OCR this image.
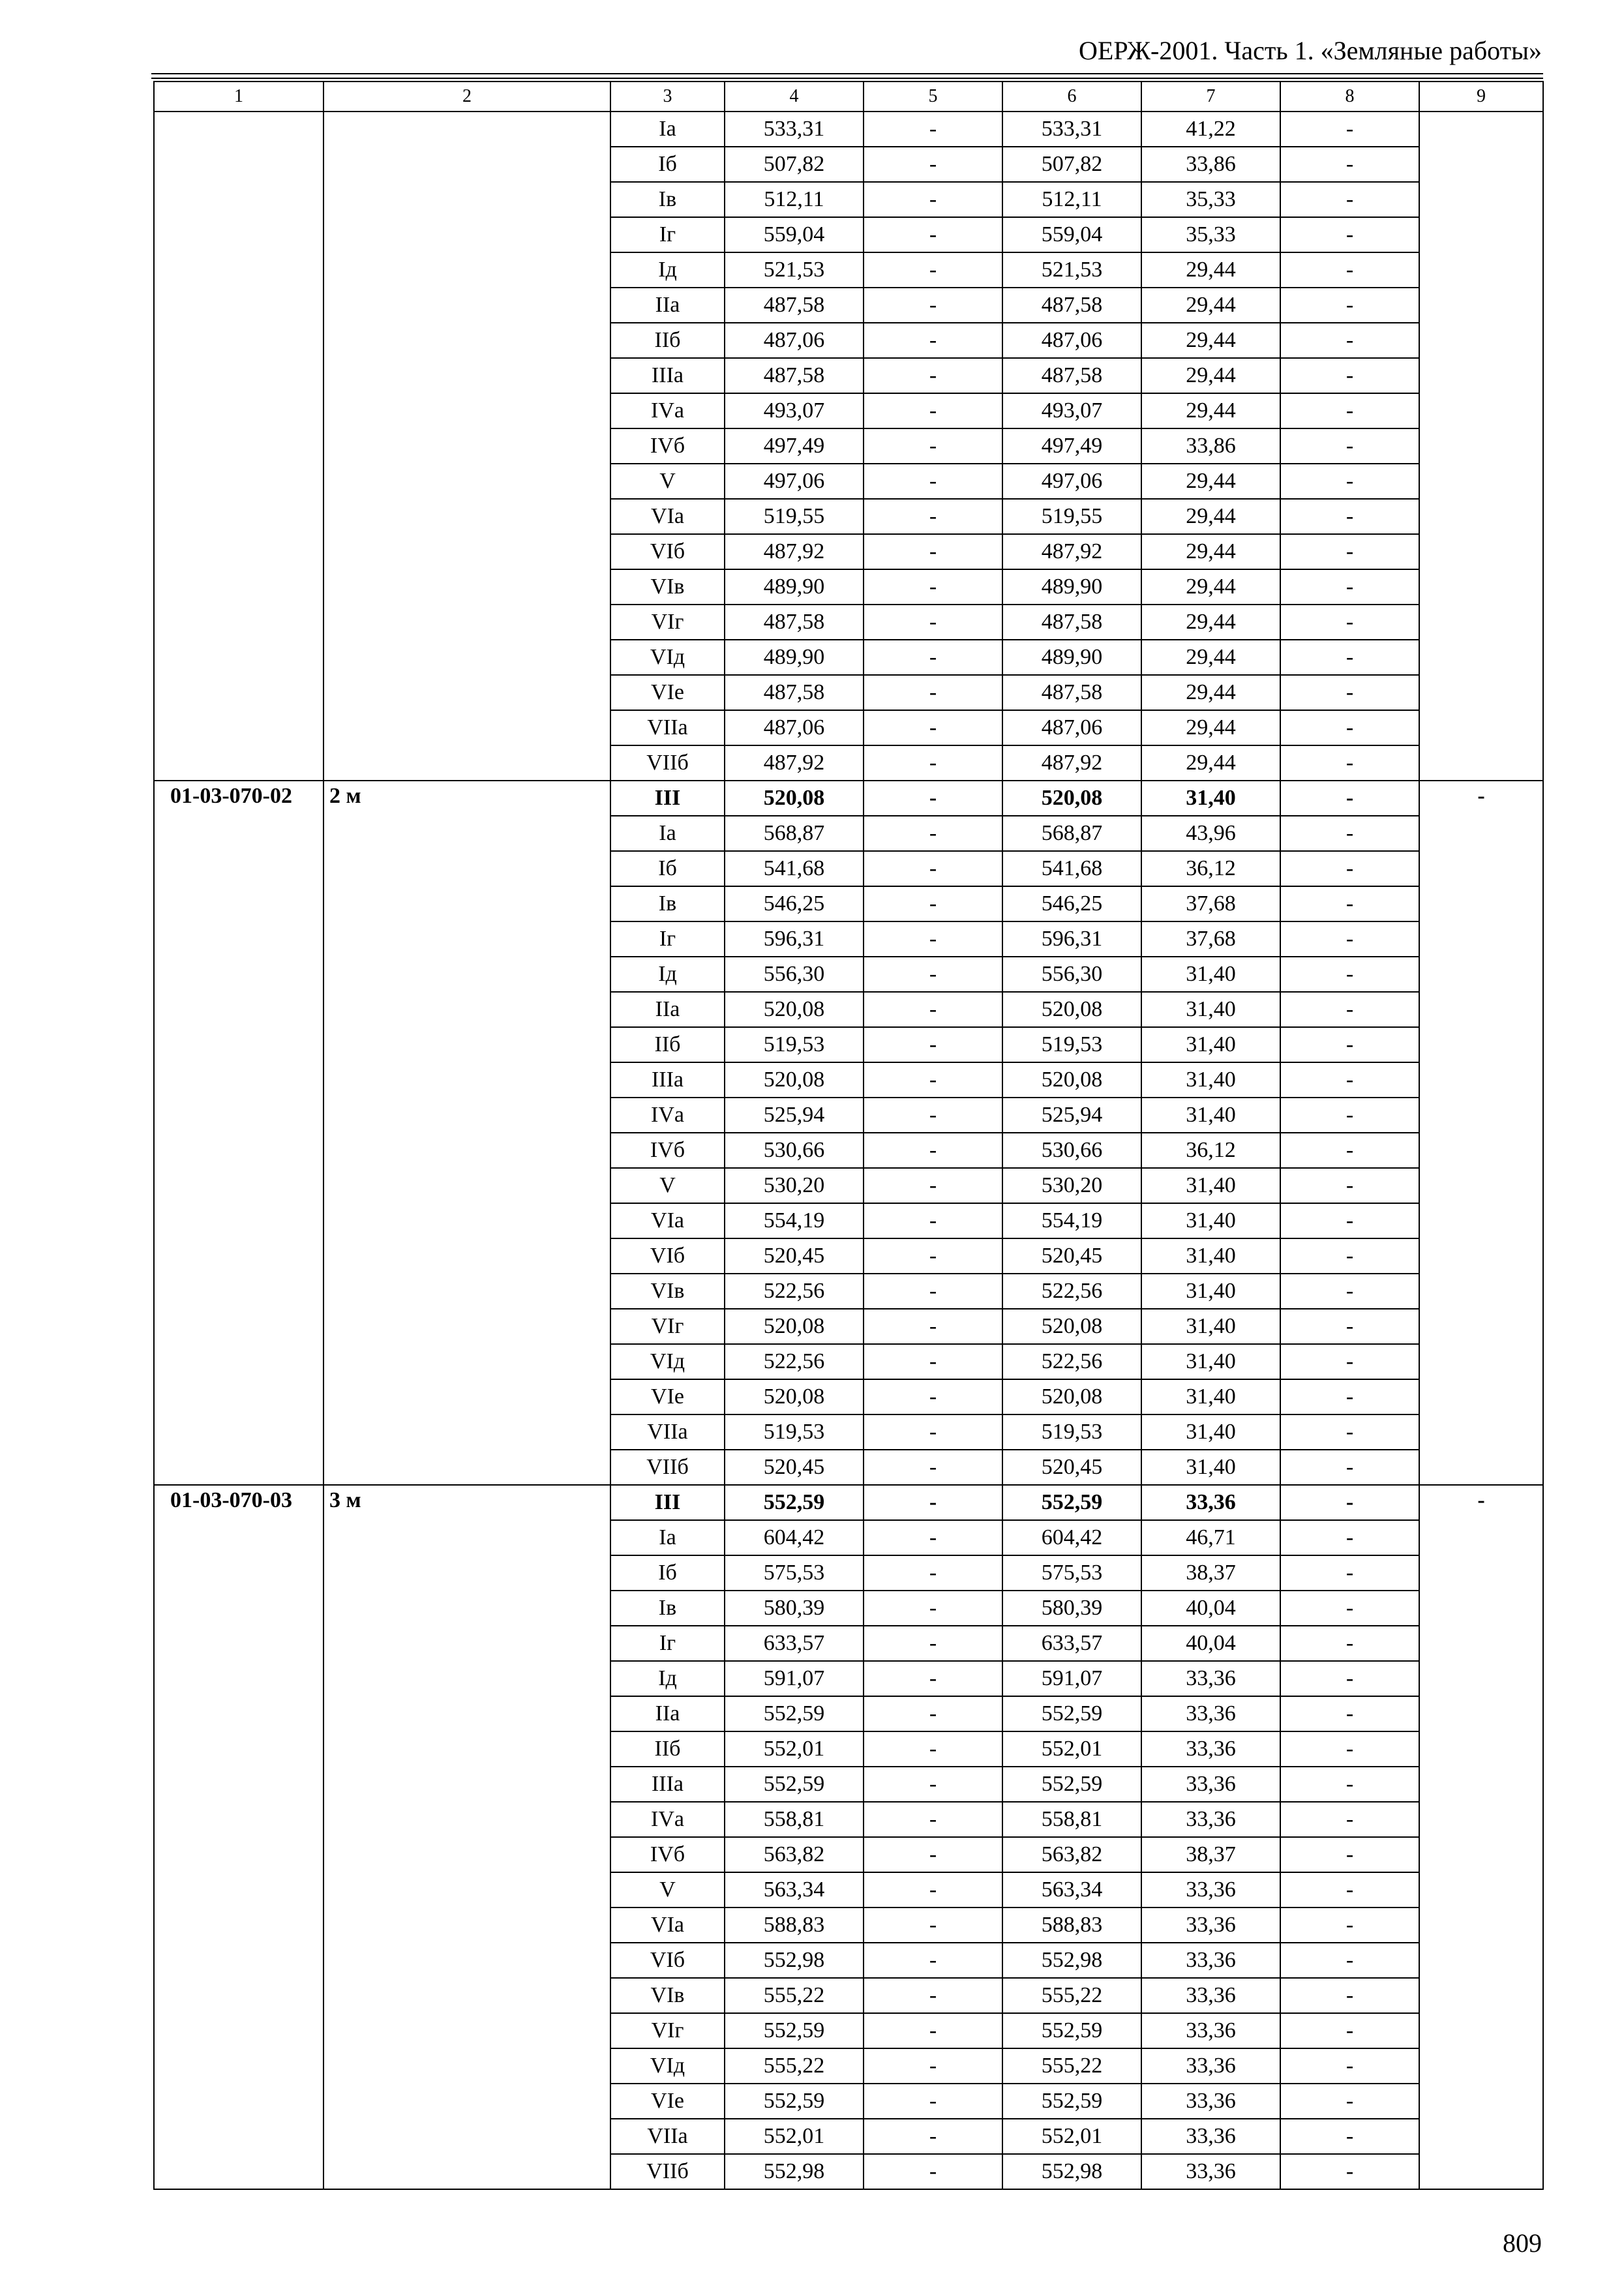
ОЕРЖ-2001. Часть 1. «Земляные работы»
1	2	3	4	5	6	7	8	9
		Iа	533,31	-	533,31	41,22	-	
		Iб	507,82	-	507,82	33,86	-	
		Iв	512,11	-	512,11	35,33	-	
		Iг	559,04	-	559,04	35,33	-	
		Iд	521,53	-	521,53	29,44	-	
		IIа	487,58	-	487,58	29,44	-	
		IIб	487,06	-	487,06	29,44	-	
		IIIа	487,58	-	487,58	29,44	-	
		IVа	493,07	-	493,07	29,44	-	
		IVб	497,49	-	497,49	33,86	-	
		V	497,06	-	497,06	29,44	-	
		VIа	519,55	-	519,55	29,44	-	
		VIб	487,92	-	487,92	29,44	-	
		VIв	489,90	-	489,90	29,44	-	
		VIг	487,58	-	487,58	29,44	-	
		VIд	489,90	-	489,90	29,44	-	
		VIе	487,58	-	487,58	29,44	-	
		VIIа	487,06	-	487,06	29,44	-	
		VIIб	487,92	-	487,92	29,44	-	
01-03-070-02	2 м	III	520,08	-	520,08	31,40	-	-
		Iа	568,87	-	568,87	43,96	-	
		Iб	541,68	-	541,68	36,12	-	
		Iв	546,25	-	546,25	37,68	-	
		Iг	596,31	-	596,31	37,68	-	
		Iд	556,30	-	556,30	31,40	-	
		IIа	520,08	-	520,08	31,40	-	
		IIб	519,53	-	519,53	31,40	-	
		IIIа	520,08	-	520,08	31,40	-	
		IVа	525,94	-	525,94	31,40	-	
		IVб	530,66	-	530,66	36,12	-	
		V	530,20	-	530,20	31,40	-	
		VIа	554,19	-	554,19	31,40	-	
		VIб	520,45	-	520,45	31,40	-	
		VIв	522,56	-	522,56	31,40	-	
		VIг	520,08	-	520,08	31,40	-	
		VIд	522,56	-	522,56	31,40	-	
		VIе	520,08	-	520,08	31,40	-	
		VIIа	519,53	-	519,53	31,40	-	
		VIIб	520,45	-	520,45	31,40	-	
01-03-070-03	3 м	III	552,59	-	552,59	33,36	-	-
		Iа	604,42	-	604,42	46,71	-	
		Iб	575,53	-	575,53	38,37	-	
		Iв	580,39	-	580,39	40,04	-	
		Iг	633,57	-	633,57	40,04	-	
		Iд	591,07	-	591,07	33,36	-	
		IIа	552,59	-	552,59	33,36	-	
		IIб	552,01	-	552,01	33,36	-	
		IIIа	552,59	-	552,59	33,36	-	
		IVа	558,81	-	558,81	33,36	-	
		IVб	563,82	-	563,82	38,37	-	
		V	563,34	-	563,34	33,36	-	
		VIа	588,83	-	588,83	33,36	-	
		VIб	552,98	-	552,98	33,36	-	
		VIв	555,22	-	555,22	33,36	-	
		VIг	552,59	-	552,59	33,36	-	
		VIд	555,22	-	555,22	33,36	-	
		VIе	552,59	-	552,59	33,36	-	
		VIIа	552,01	-	552,01	33,36	-	
		VIIб	552,98	-	552,98	33,36	-	
809
